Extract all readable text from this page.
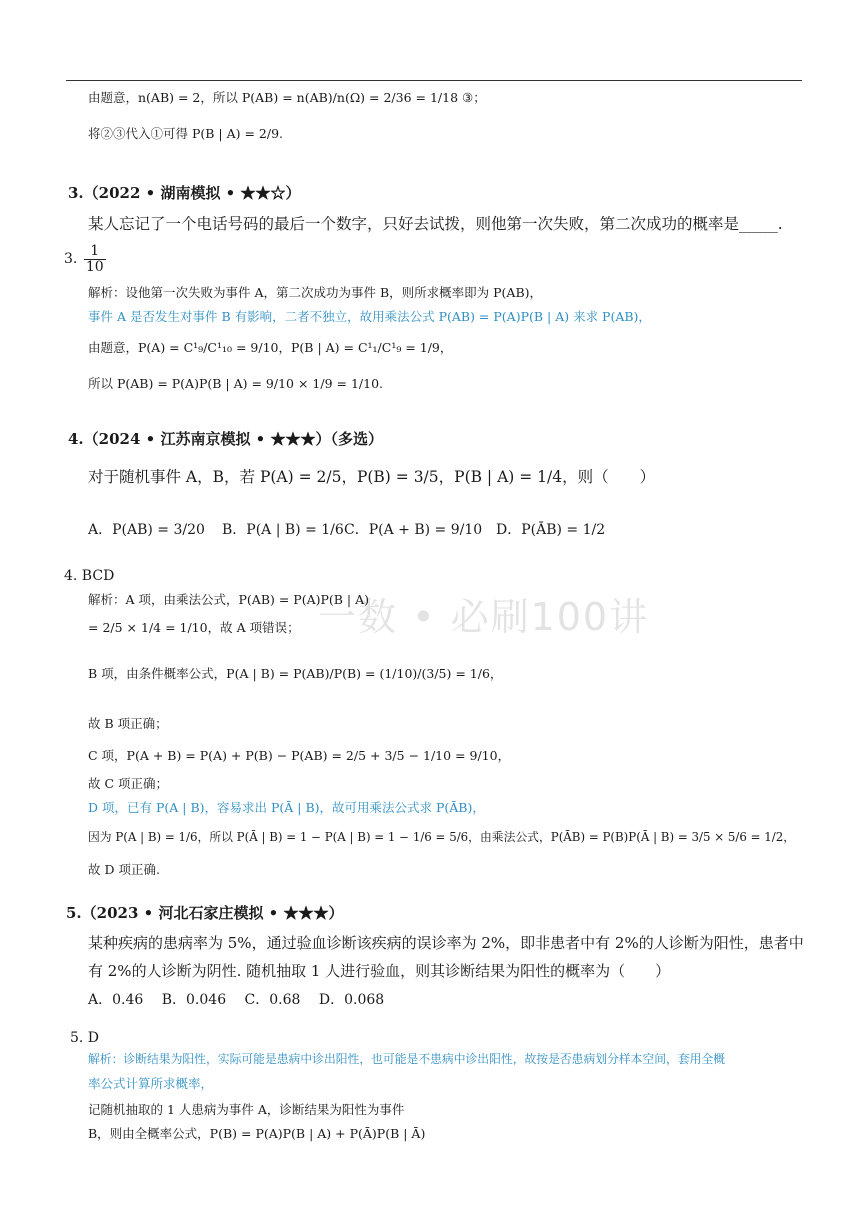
由题意，n(AB) = 2，所以 P(AB) = n(AB)/n(Ω) = 2/36 = 1/18 ③；
将②③代入①可得 P(B | A) = 2/9.
一数 • 必刷100讲
3.（2022 • 湖南模拟 • ★★☆）
某人忘记了一个电话号码的最后一个数字，只好去试拨，则他第一次失败，第二次成功的概率是_____.
3. $\frac{1}{10}$
解析：设他第一次失败为事件 A，第二次成功为事件 B，则所求概率即为 P(AB)，
事件 A 是否发生对事件 B 有影响，二者不独立，故用乘法公式 P(AB) = P(A)P(B | A) 来求 P(AB)，
由题意，P(A) = C¹₉/C¹₁₀ = 9/10，P(B | A) = C¹₁/C¹₉ = 1/9，
所以 P(AB) = P(A)P(B | A) = 9/10 × 1/9 = 1/10.
4.（2024 • 江苏南京模拟 • ★★★）（多选）
对于随机事件 A，B，若 P(A) = 2/5，P(B) = 3/5，P(B | A) = 1/4，则（　　）
A．P(AB) = 3/20 B．P(A | B) = 1/6 C．P(A + B) = 9/10 D．P(ĀB) = 1/2
4. BCD
解析：A 项，由乘法公式，P(AB) = P(A)P(B | A)
= 2/5 × 1/4 = 1/10，故 A 项错误；
B 项，由条件概率公式，P(A | B) = P(AB)/P(B) = (1/10)/(3/5) = 1/6，
故 B 项正确；
C 项，P(A + B) = P(A) + P(B) − P(AB) = 2/5 + 3/5 − 1/10 = 9/10，
故 C 项正确；
D 项，已有 P(A | B)，容易求出 P(Ā | B)，故可用乘法公式求 P(ĀB)，
因为 P(A | B) = 1/6，所以 P(Ā | B) = 1 − P(A | B) = 1 − 1/6 = 5/6，由乘法公式，P(ĀB) = P(B)P(Ā | B) = 3/5 × 5/6 = 1/2，
故 D 项正确.
5.（2023 • 河北石家庄模拟 • ★★★）
某种疾病的患病率为 5%，通过验血诊断该疾病的误诊率为 2%，即非患者中有 2%的人诊断为阳性，患者中
有 2%的人诊断为阴性. 随机抽取 1 人进行验血，则其诊断结果为阳性的概率为（　　）
A．0.46　 B．0.046　 C．0.68　 D．0.068
5. D
解析：诊断结果为阳性，实际可能是患病中诊出阳性，也可能是不患病中诊出阳性，故按是否患病划分样本空间，套用全概
率公式计算所求概率，
记随机抽取的 1 人患病为事件 A，诊断结果为阳性为事件
B，则由全概率公式，P(B) = P(A)P(B | A) + P(Ā)P(B | Ā)
